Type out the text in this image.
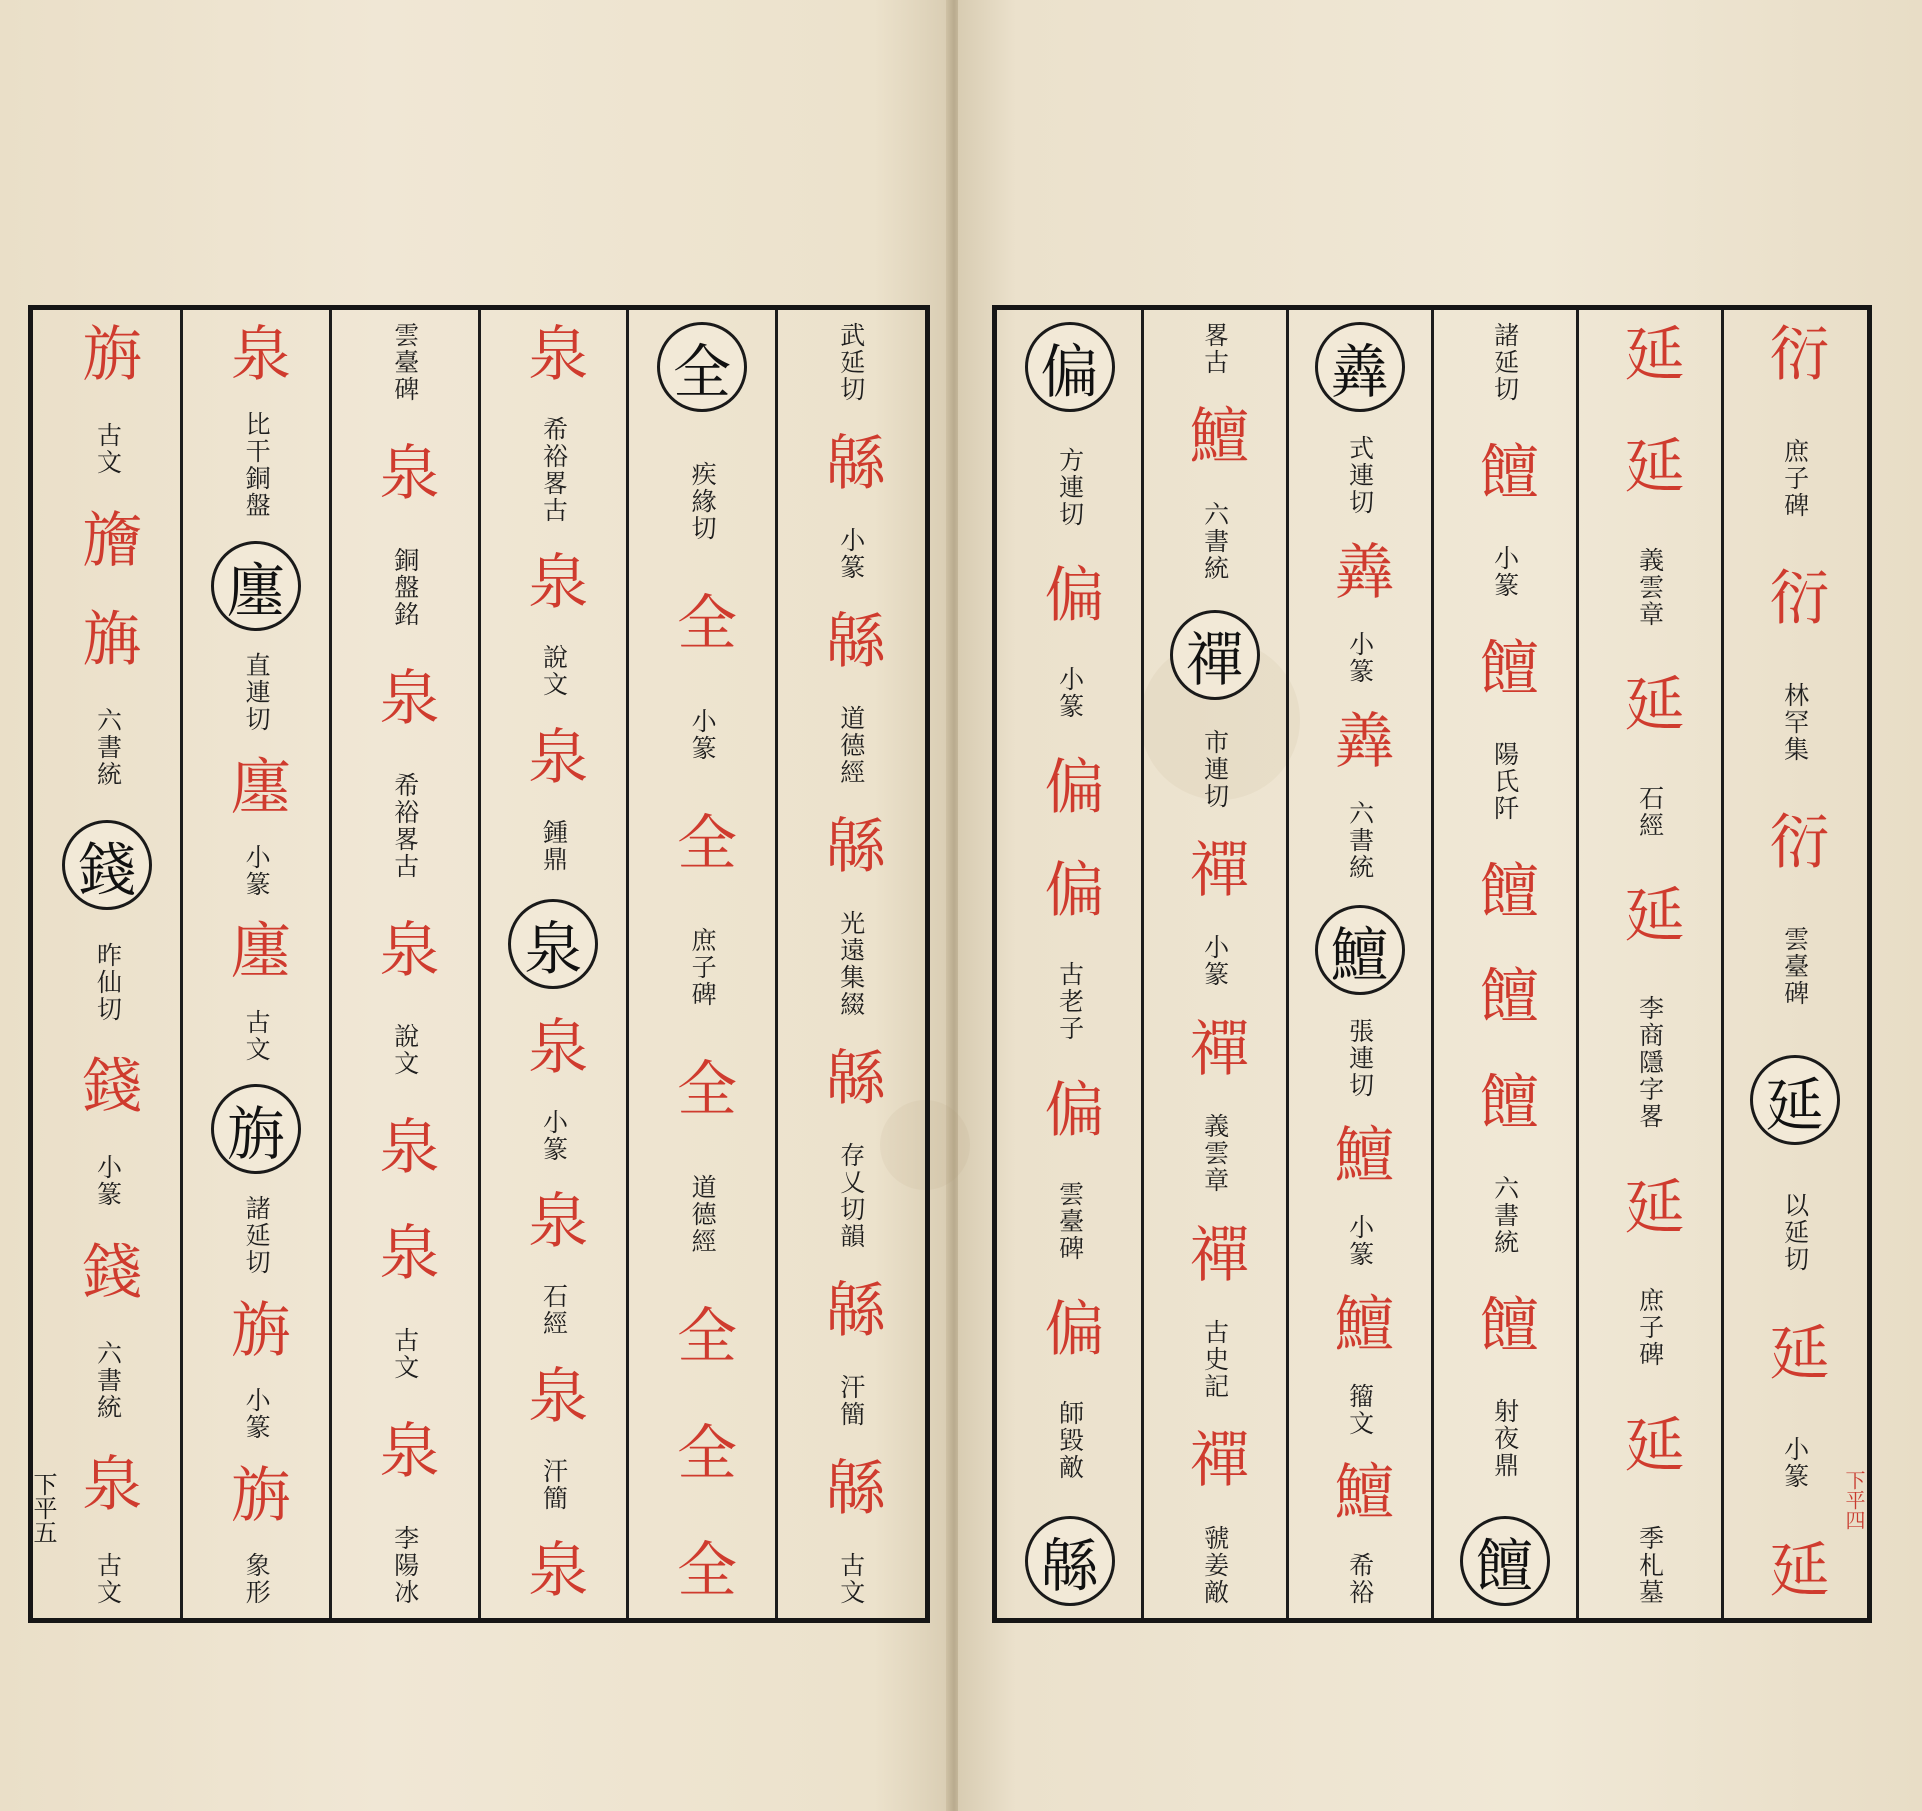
旃
古文
旝
㫋
六書統
錢
昨仙切
錢
小篆
錢
六書統
泉
古文
泉
比干銅盤
廛
直連切
廛
小篆
廛
古文
旃
諸延切
旃
小篆
旃
象形
雲臺碑
泉
銅盤銘
泉
希裕畧古
泉
說文
泉
泉
古文
泉
李陽冰
泉
希裕畧古
泉
說文
泉
鍾鼎
泉
泉
小篆
泉
石經
泉
汗簡
泉
全
疾緣切
全
小篆
全
庶子碑
全
道德經
全
全
全
武延切
緜
小篆
緜
道德經
緜
光遠集綴
緜
存乂切韻
緜
汗簡
緜
古文
偏
方連切
偏
小篆
偏
偏
古老子
偏
雲臺碑
偏
師毀敵
緜
畧古
鱣
六書統
禪
市連切
禪
小篆
禪
義雲章
禪
古史記
禪
虢姜敵
羴
式連切
羴
小篆
羴
六書統
鱣
張連切
鱣
小篆
鱣
籀文
鱣
希裕
諸延切
饘
小篆
饘
陽氏阡
饘
饘
饘
六書統
饘
射夜鼎
饘
延
延
義雲章
延
石經
延
李商隱字畧
延
庶子碑
延
季札墓
衍
庶子碑
衍
林罕集
衍
雲臺碑
延
以延切
延
小篆
延
下平五	下平四
